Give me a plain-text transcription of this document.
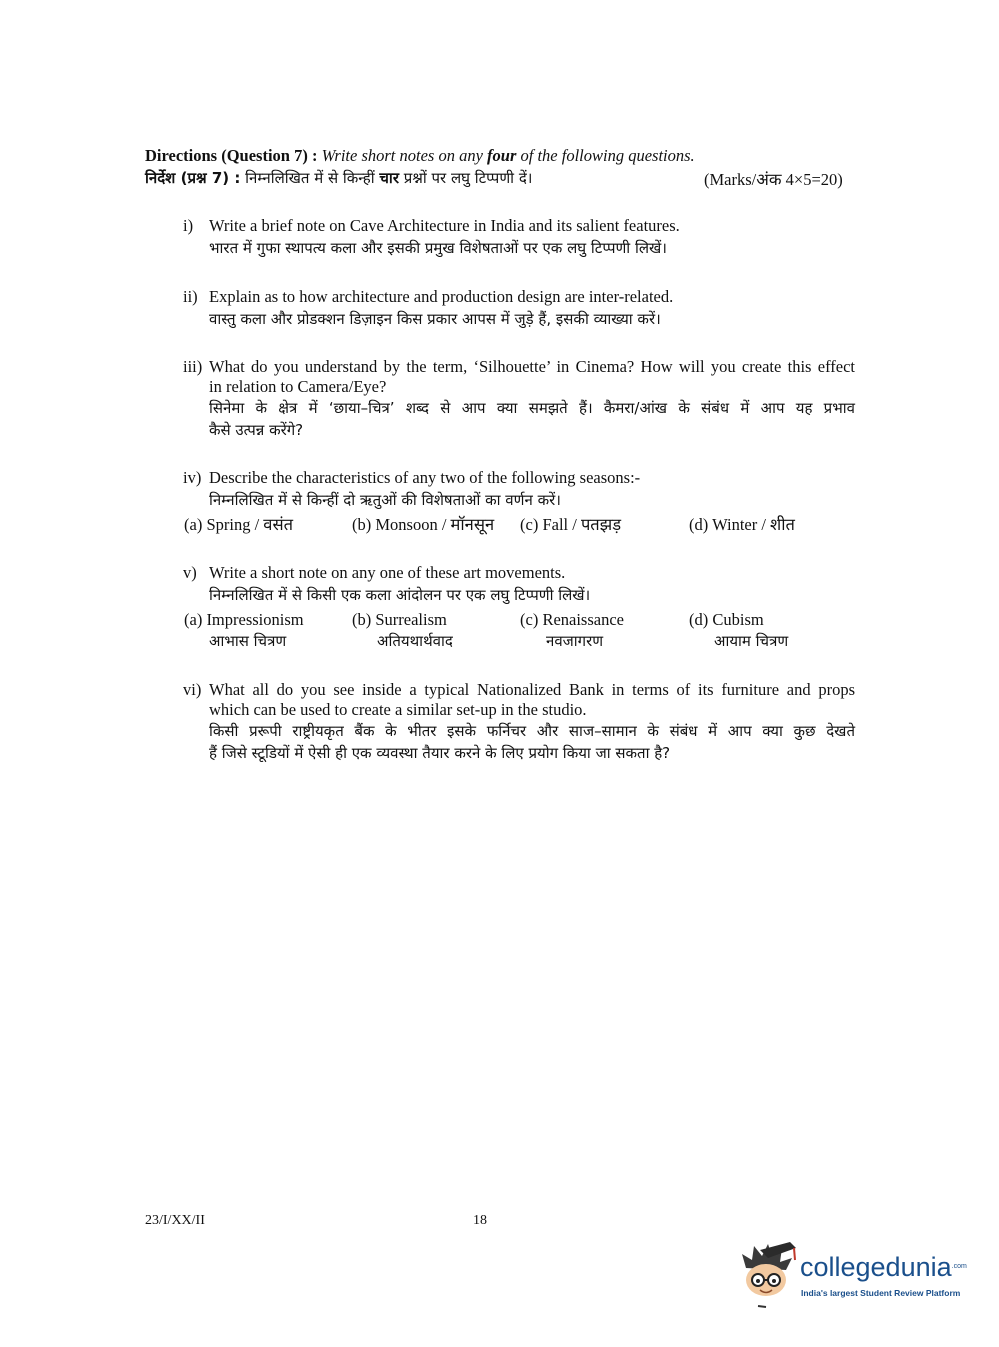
Directions (Question 7) : Write short notes on any four of the following questions.
निर्देश (प्रश्न 7) : निम्नलिखित में से किन्हीं चार प्रश्नों पर लघु टिप्पणी दें।	(Marks/अंक 4×5=20)
i) Write a brief note on Cave Architecture in India and its salient features.
भारत में गुफा स्थापत्य कला और इसकी प्रमुख विशेषताओं पर एक लघु टिप्पणी लिखें।
ii) Explain as to how architecture and production design are inter-related.
वास्तु कला और प्रोडक्शन डिज़ाइन किस प्रकार आपस में जुड़े हैं, इसकी व्याख्या करें।
iii) What do you understand by the term, ‘Silhouette’ in Cinema? How will you create this effect
in relation to Camera/Eye?
सिनेमा के क्षेत्र में ‘छाया–चित्र’ शब्द से आप क्या समझते हैं। कैमरा/आंख के संबंध में आप यह प्रभाव
कैसे उत्पन्न करेंगे?
iv) Describe the characteristics of any two of the following seasons:-
निम्नलिखित में से किन्हीं दो ऋतुओं की विशेषताओं का वर्णन करें।
(a) Spring / वसंत	(b) Monsoon / मॉनसून (c) Fall / पतझड़	(d) Winter / शीत
v) Write a short note on any one of these art movements.
निम्नलिखित में से किसी एक कला आंदोलन पर एक लघु टिप्पणी लिखें।
(a) Impressionism	(b) Surrealism	(c) Renaissance	(d) Cubism
आभास चित्रण	अतियथार्थवाद	नवजागरण	आयाम चित्रण
vi) What all do you see inside a typical Nationalized Bank in terms of its furniture and props
which can be used to create a similar set-up in the studio.
किसी प्ररूपी राष्ट्रीयकृत बैंक के भीतर इसके फर्निचर और साज–सामान के संबंध में आप क्या कुछ देखते
हैं जिसे स्टूडियों में ऐसी ही एक व्यवस्था तैयार करने के लिए प्रयोग किया जा सकता है?
23/I/XX/II	18
collegedunia$^{.com}$
India's largest Student Review Platform
